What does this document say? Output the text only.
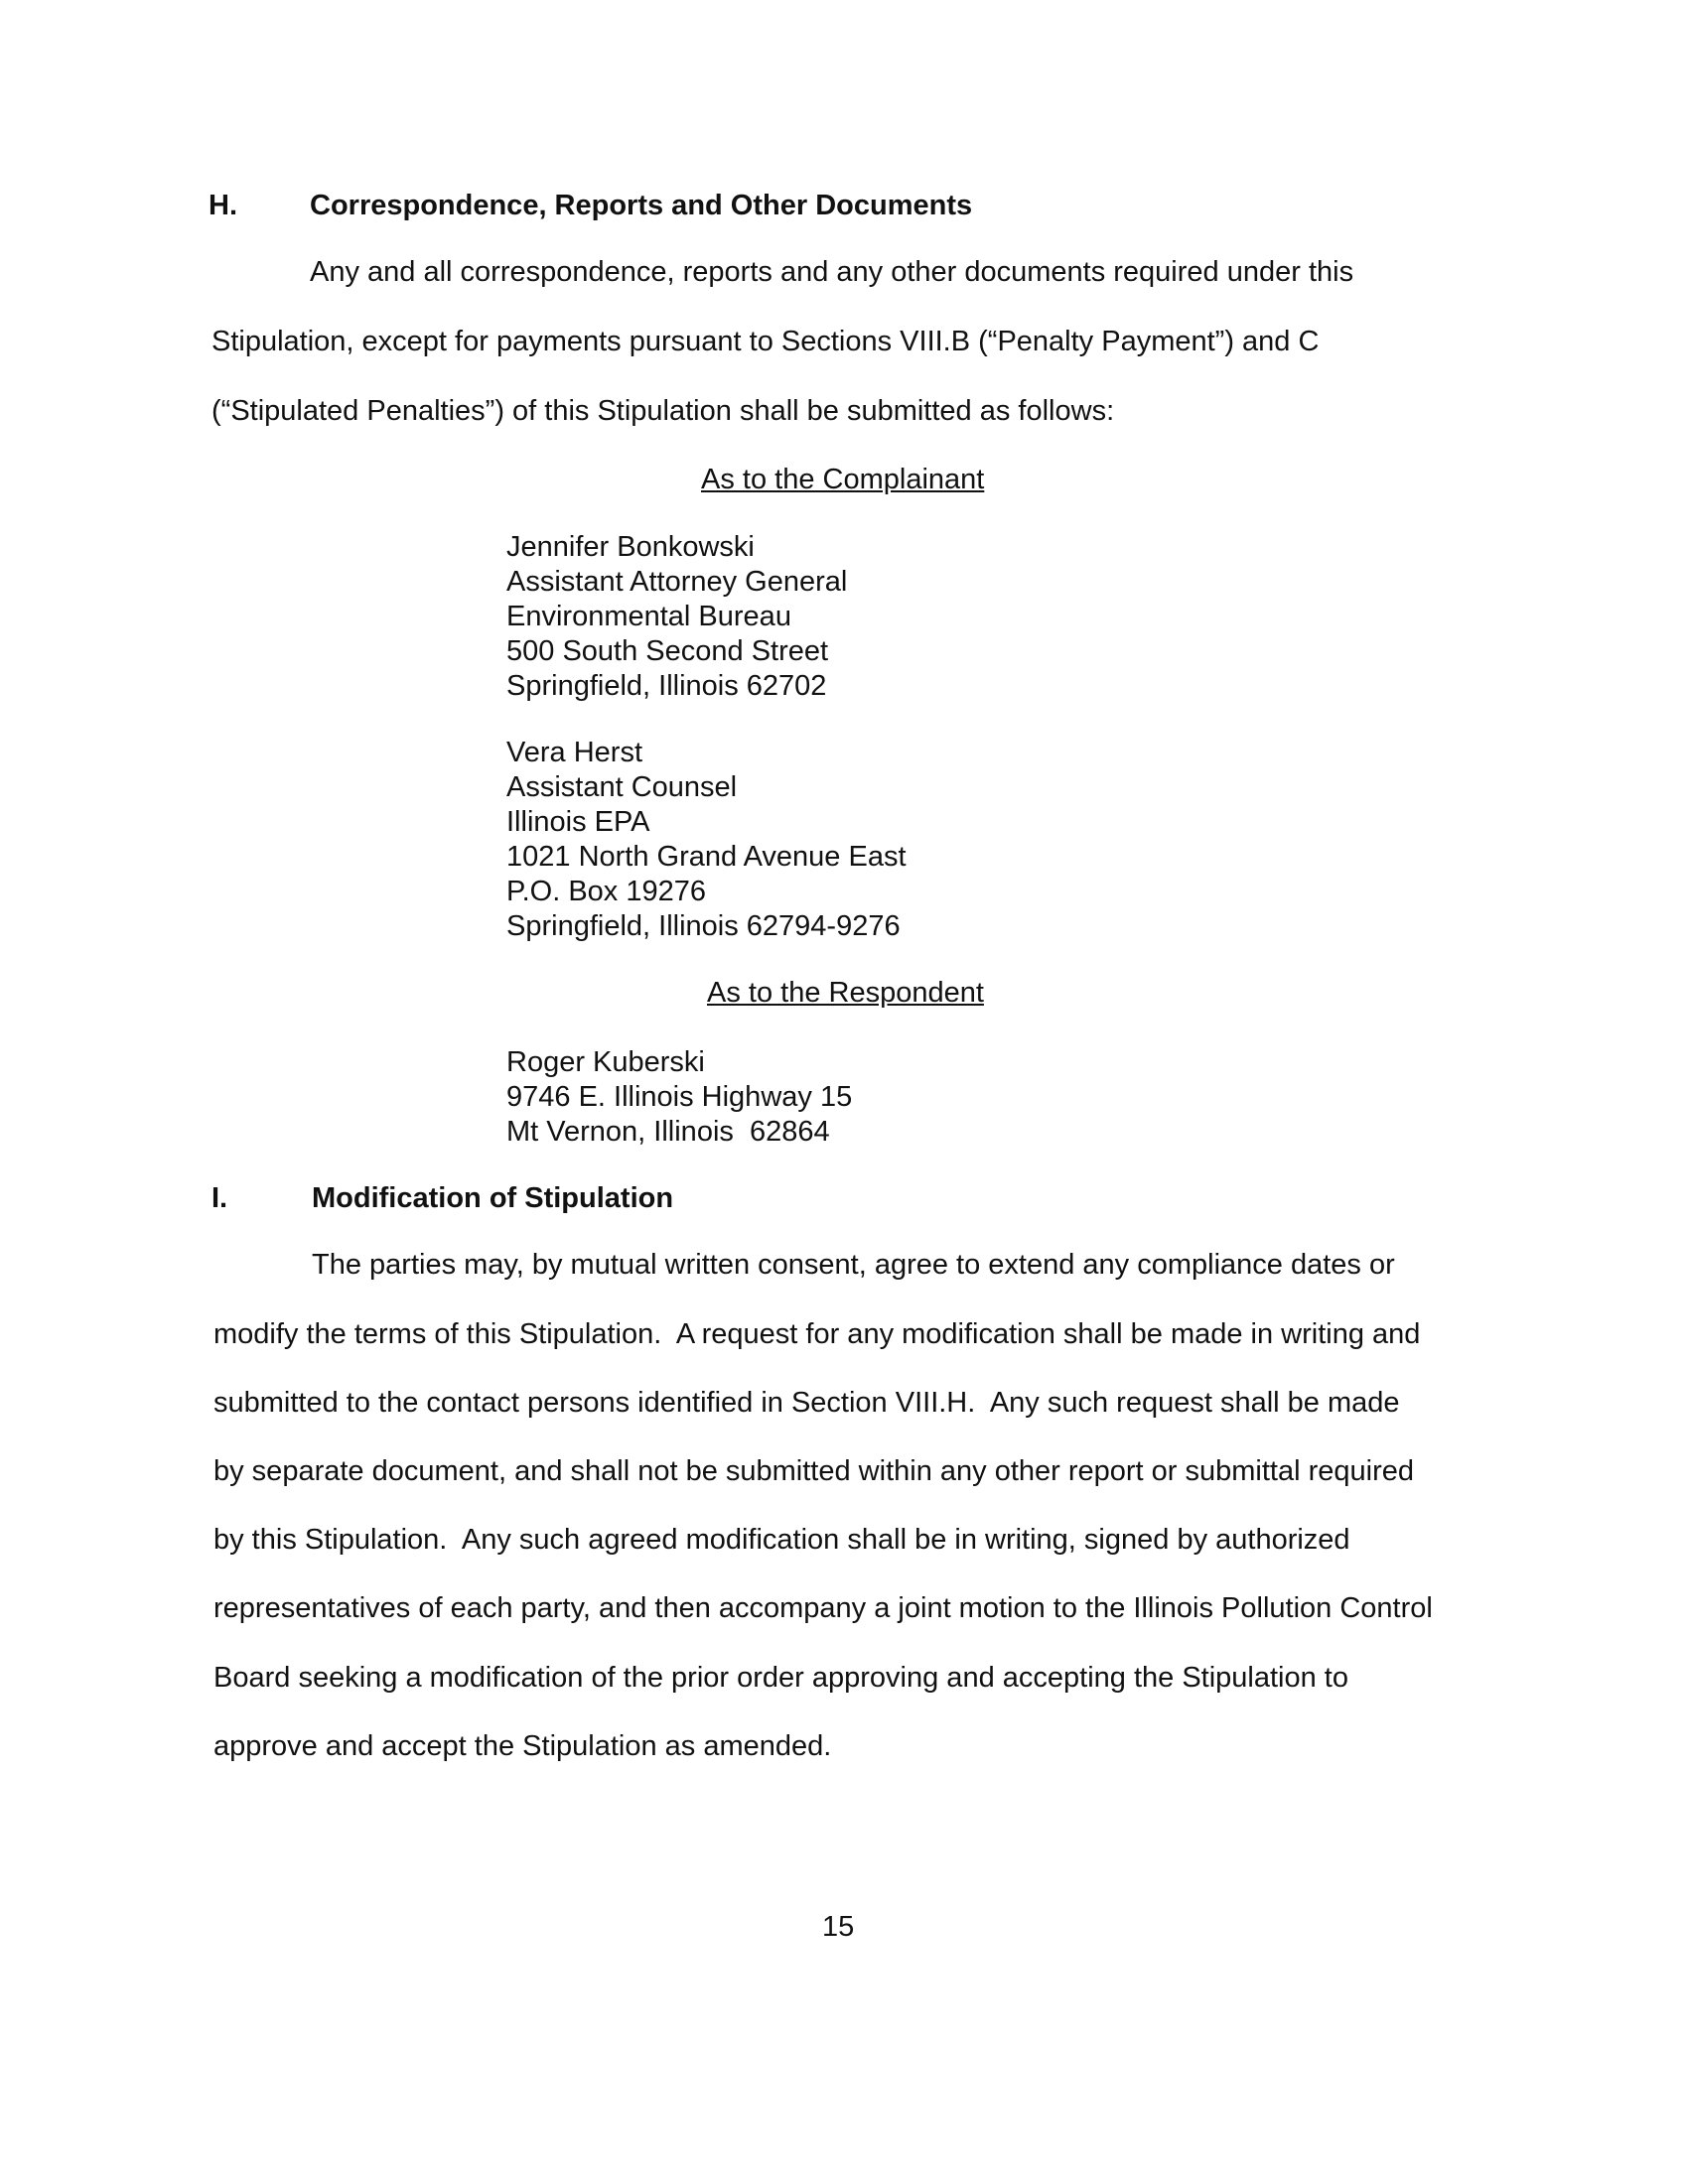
H.	Correspondence, Reports and Other Documents
Any and all correspondence, reports and any other documents required under this
Stipulation, except for payments pursuant to Sections VIII.B (“Penalty Payment”) and C
(“Stipulated Penalties”) of this Stipulation shall be submitted as follows:
As to the Complainant
Jennifer Bonkowski
Assistant Attorney General
Environmental Bureau
500 South Second Street
Springfield, Illinois 62702
Vera Herst
Assistant Counsel
Illinois EPA
1021 North Grand Avenue East
P.O. Box 19276
Springfield, Illinois 62794-9276
As to the Respondent
Roger Kuberski
9746 E. Illinois Highway 15
Mt Vernon, Illinois  62864
I.	Modification of Stipulation
The parties may, by mutual written consent, agree to extend any compliance dates or
modify the terms of this Stipulation.  A request for any modification shall be made in writing and
submitted to the contact persons identified in Section VIII.H.  Any such request shall be made
by separate document, and shall not be submitted within any other report or submittal required
by this Stipulation.  Any such agreed modification shall be in writing, signed by authorized
representatives of each party, and then accompany a joint motion to the Illinois Pollution Control
Board seeking a modification of the prior order approving and accepting the Stipulation to
approve and accept the Stipulation as amended.
15
